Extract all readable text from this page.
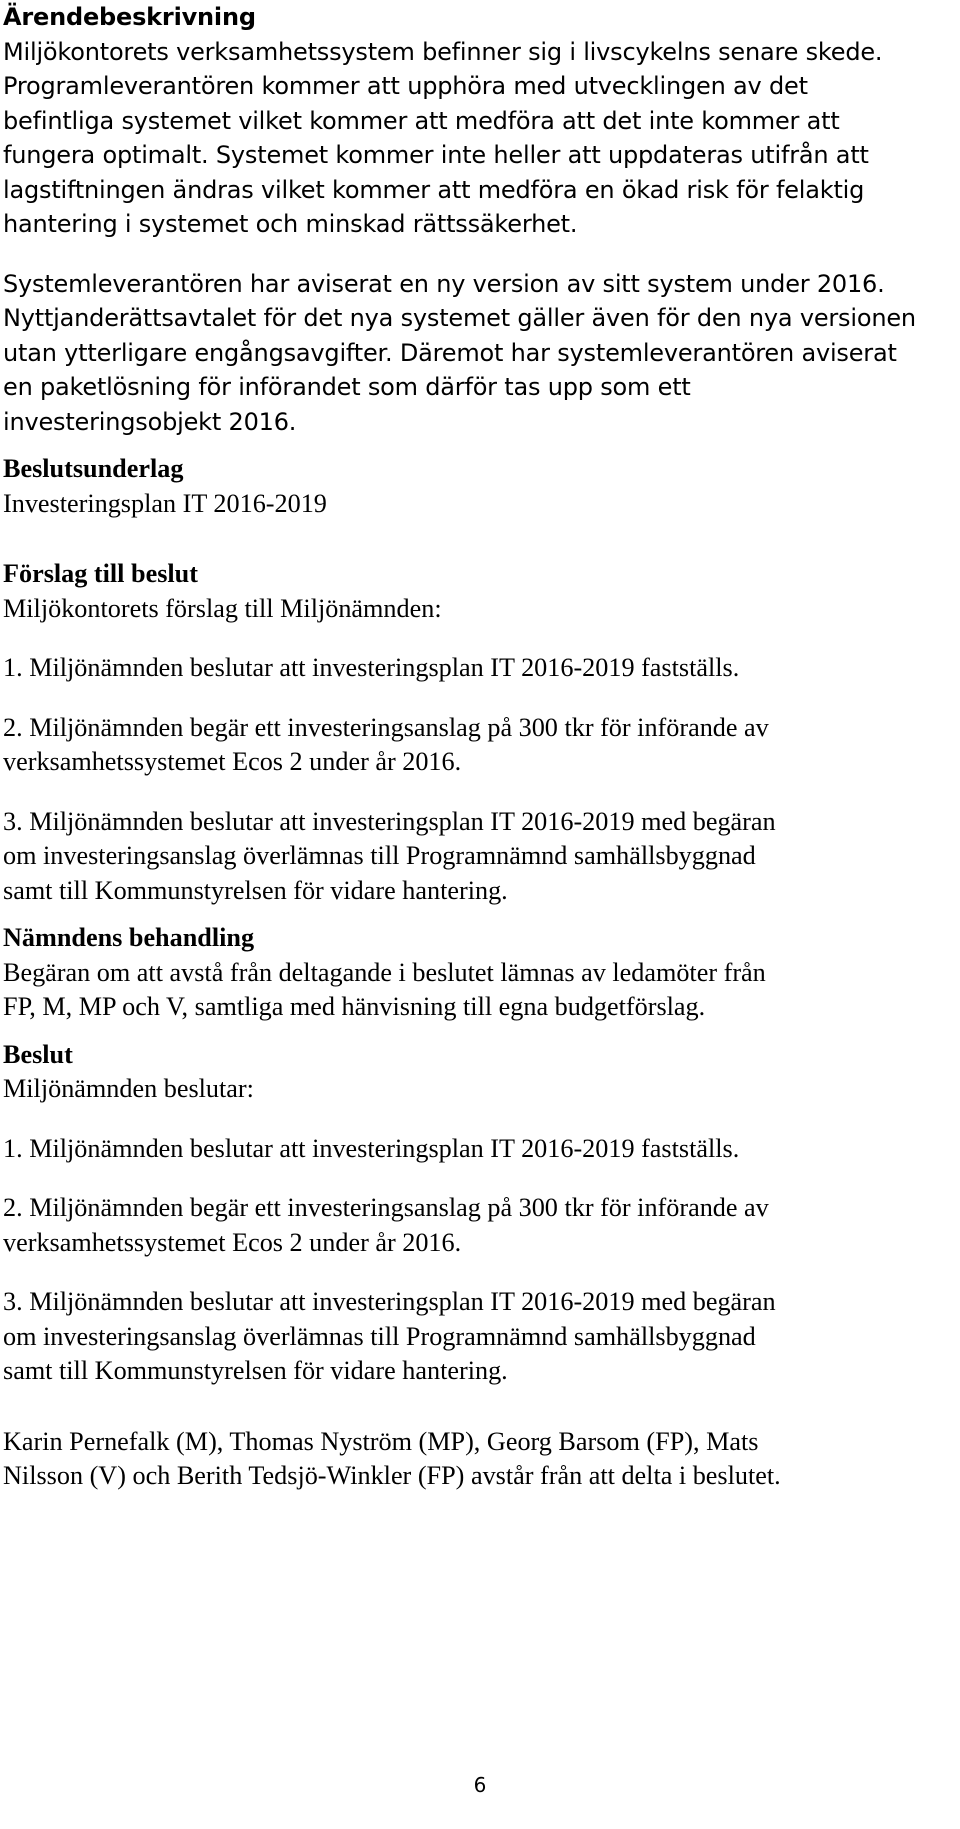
Ärendebeskrivning
Miljökontorets verksamhetssystem befinner sig i livscykelns senare skede.
Programleverantören kommer att upphöra med utvecklingen av det
befintliga systemet vilket kommer att medföra att det inte kommer att
fungera optimalt. Systemet kommer inte heller att uppdateras utifrån att
lagstiftningen ändras vilket kommer att medföra en ökad risk för felaktig
hantering i systemet och minskad rättssäkerhet.
Systemleverantören har aviserat en ny version av sitt system under 2016.
Nyttjanderättsavtalet för det nya systemet gäller även för den nya versionen
utan ytterligare engångsavgifter. Däremot har systemleverantören aviserat
en paketlösning för införandet som därför tas upp som ett
investeringsobjekt 2016.
Beslutsunderlag
Investeringsplan IT 2016-2019
Förslag till beslut
Miljökontorets förslag till Miljönämnden:
1. Miljönämnden beslutar att investeringsplan IT 2016-2019 fastställs.
2. Miljönämnden begär ett investeringsanslag på 300 tkr för införande av
verksamhetssystemet Ecos 2 under år 2016.
3. Miljönämnden beslutar att investeringsplan IT 2016-2019 med begäran
om investeringsanslag överlämnas till Programnämnd samhällsbyggnad
samt till Kommunstyrelsen för vidare hantering.
Nämndens behandling
Begäran om att avstå från deltagande i beslutet lämnas av ledamöter från
FP, M, MP och V, samtliga med hänvisning till egna budgetförslag.
Beslut
Miljönämnden beslutar:
1. Miljönämnden beslutar att investeringsplan IT 2016-2019 fastställs.
2. Miljönämnden begär ett investeringsanslag på 300 tkr för införande av
verksamhetssystemet Ecos 2 under år 2016.
3. Miljönämnden beslutar att investeringsplan IT 2016-2019 med begäran
om investeringsanslag överlämnas till Programnämnd samhällsbyggnad
samt till Kommunstyrelsen för vidare hantering.
Karin Pernefalk (M), Thomas Nyström (MP), Georg Barsom (FP), Mats
Nilsson (V) och Berith Tedsjö-Winkler (FP) avstår från att delta i beslutet.
6
